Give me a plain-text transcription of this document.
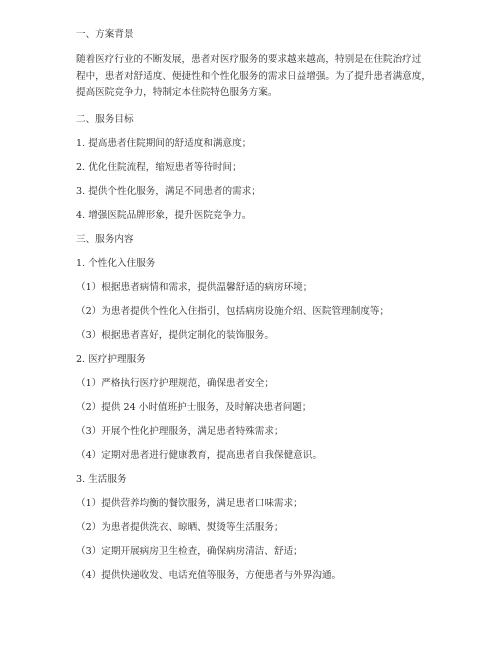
一、方案背景
随着医疗行业的不断发展，患者对医疗服务的要求越来越高，特别是在住院治疗过
程中，患者对舒适度、便捷性和个性化服务的需求日益增强。为了提升患者满意度，
提高医院竞争力，特制定本住院特色服务方案。
二、服务目标
1. 提高患者住院期间的舒适度和满意度；
2. 优化住院流程，缩短患者等待时间；
3. 提供个性化服务，满足不同患者的需求；
4. 增强医院品牌形象，提升医院竞争力。
三、服务内容
1. 个性化入住服务
（1）根据患者病情和需求，提供温馨舒适的病房环境；
（2）为患者提供个性化入住指引，包括病房设施介绍、医院管理制度等；
（3）根据患者喜好，提供定制化的装饰服务。
2. 医疗护理服务
（1）严格执行医疗护理规范，确保患者安全；
（2）提供 24 小时值班护士服务，及时解决患者问题；
（3）开展个性化护理服务，满足患者特殊需求；
（4）定期对患者进行健康教育，提高患者自我保健意识。
3. 生活服务
（1）提供营养均衡的餐饮服务，满足患者口味需求；
（2）为患者提供洗衣、晾晒、熨烫等生活服务；
（3）定期开展病房卫生检查，确保病房清洁、舒适；
（4）提供快递收发、电话充值等服务，方便患者与外界沟通。
